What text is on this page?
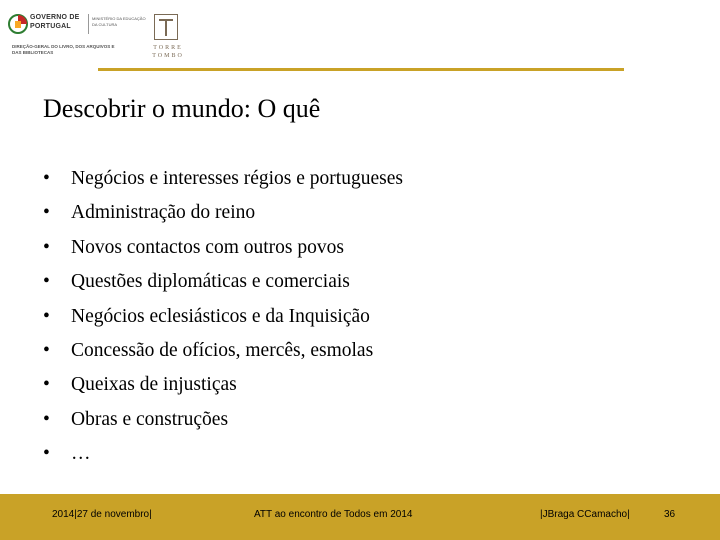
GOVERNO DE
PORTUGAL
MINISTÉRIO DA EDUCAÇÃO
DA CULTURA
DIREÇÃO-GERAL DO LIVRO, DOS ARQUIVOS E
DAS BIBLIOTECAS
TORRE
TOMBO
Descobrir o mundo: O quê
• Negócios e interesses régios e portugueses
• Administração do reino
• Novos contactos com outros povos
• Questões diplomáticas e comerciais
• Negócios eclesiásticos e da Inquisição
• Concessão de ofícios, mercês, esmolas
• Queixas de injustiças
• Obras e construções
• …
2014|27 de novembro|	ATT ao encontro de Todos em 2014	|JBraga CCamacho|	36
